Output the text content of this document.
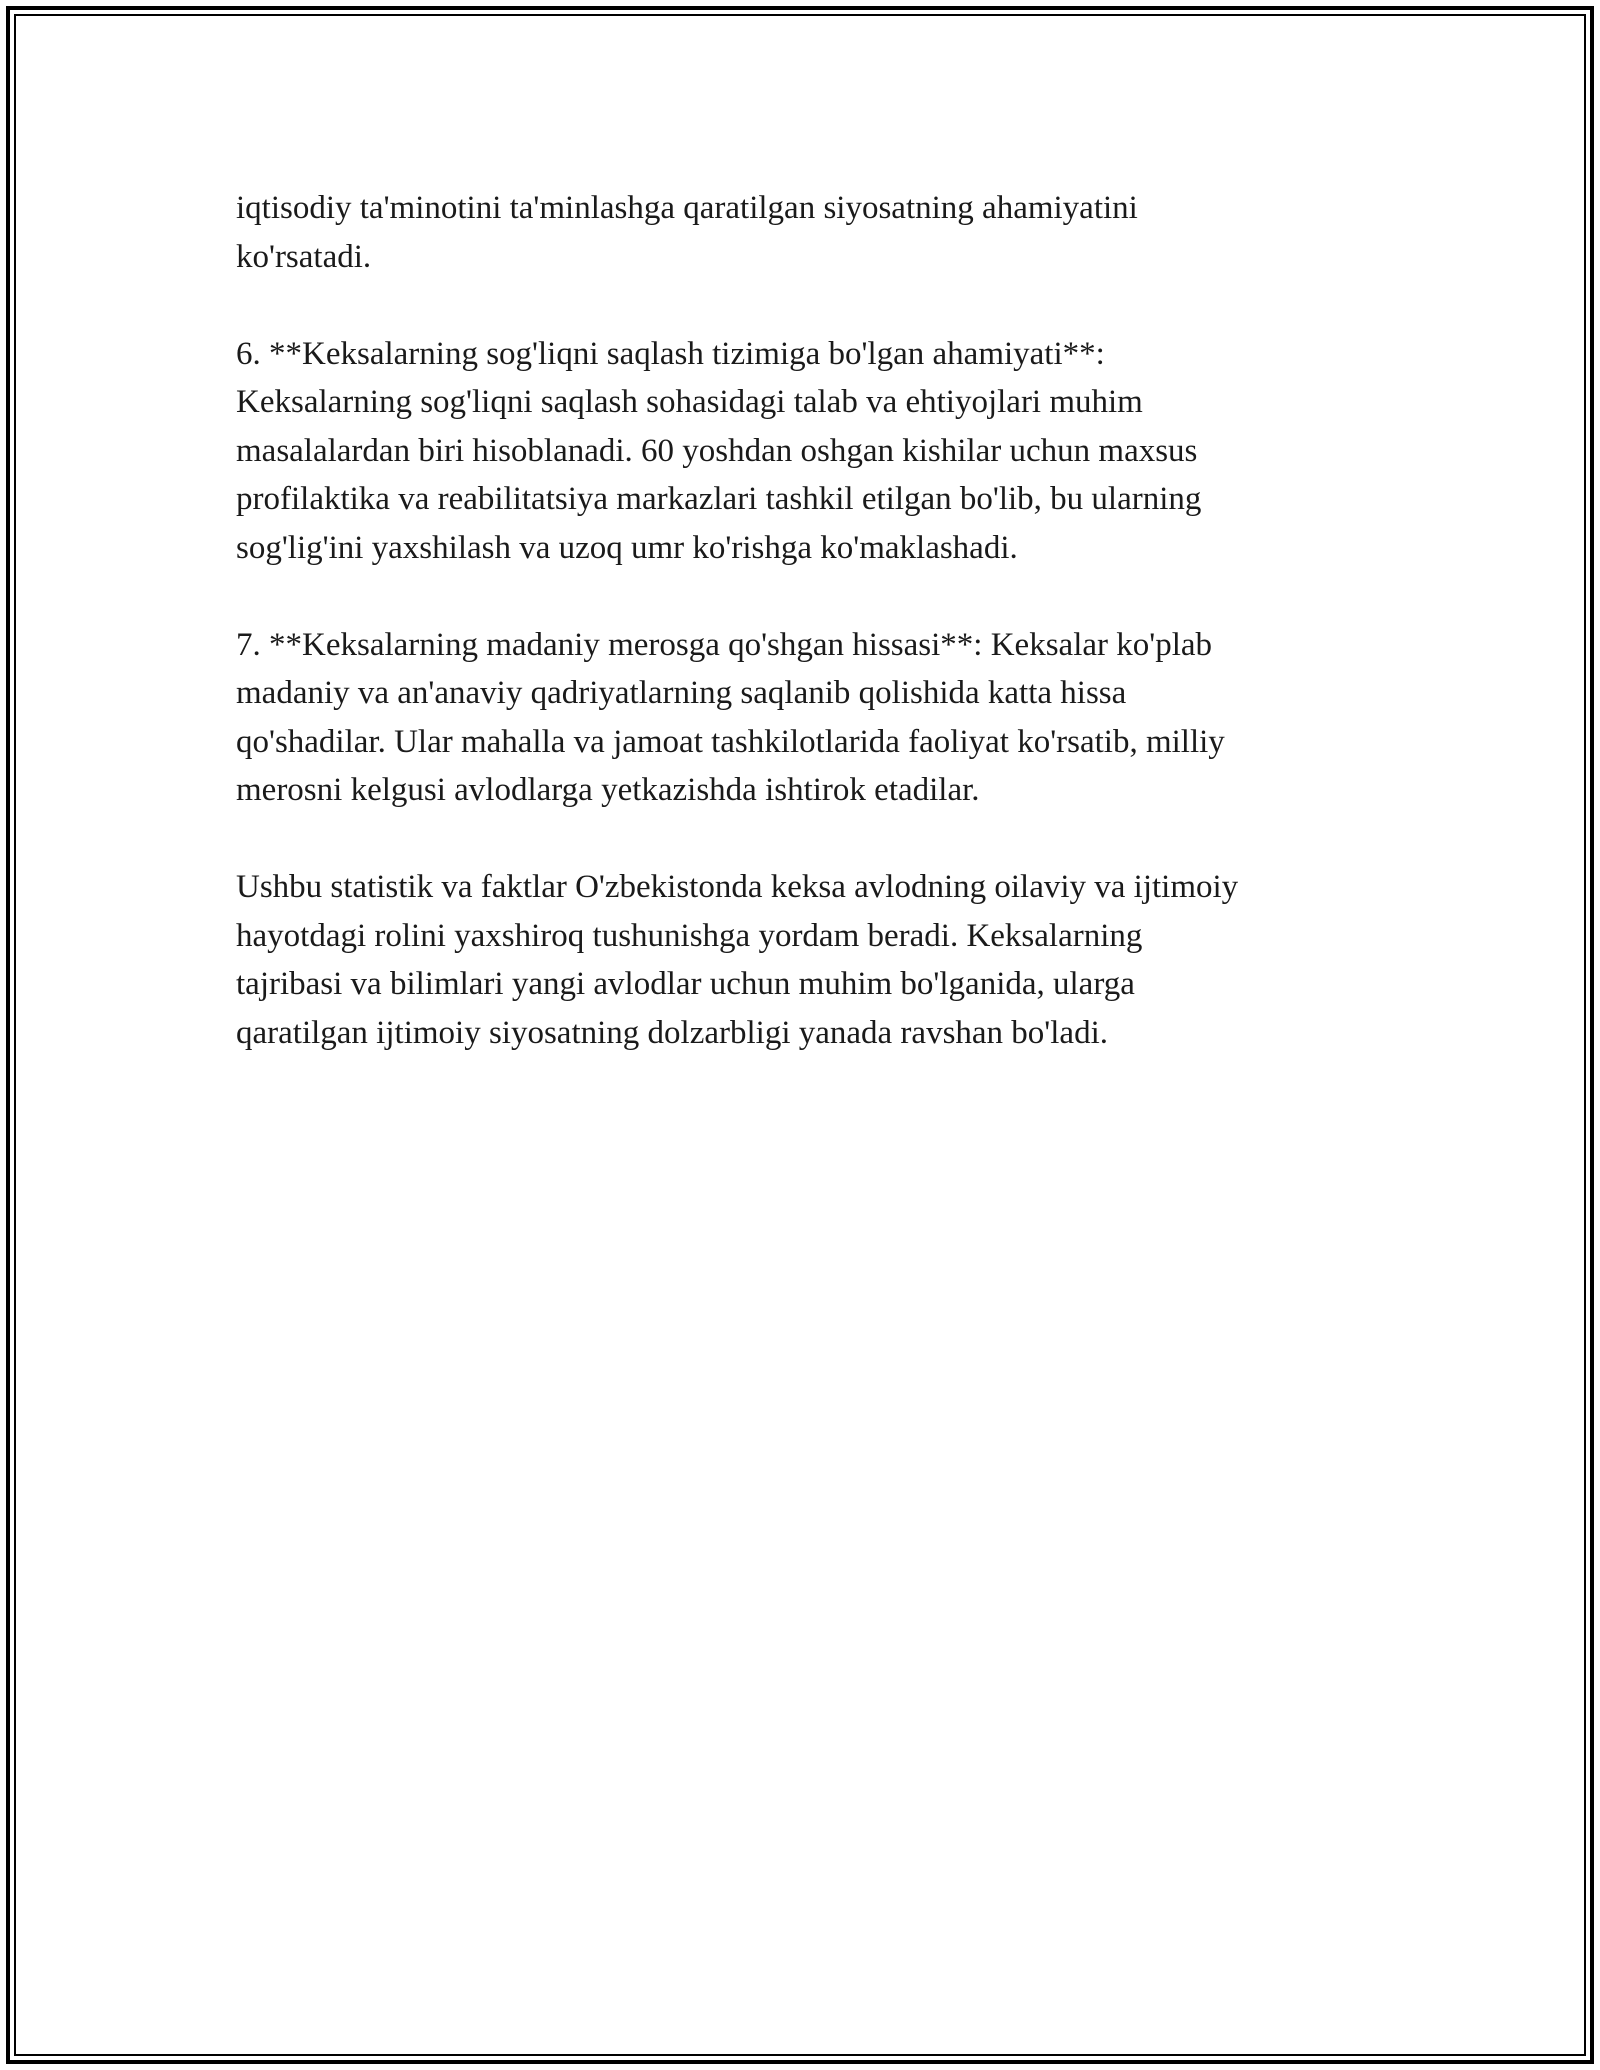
iqtisodiy ta'minotini ta'minlashga qaratilgan siyosatning ahamiyatini
ko'rsatadi.

6. **Keksalarning sog'liqni saqlash tizimiga bo'lgan ahamiyati**:
Keksalarning sog'liqni saqlash sohasidagi talab va ehtiyojlari muhim
masalalardan biri hisoblanadi. 60 yoshdan oshgan kishilar uchun maxsus
profilaktika va reabilitatsiya markazlari tashkil etilgan bo'lib, bu ularning
sog'lig'ini yaxshilash va uzoq umr ko'rishga ko'maklashadi.

7. **Keksalarning madaniy merosga qo'shgan hissasi**: Keksalar ko'plab
madaniy va an'anaviy qadriyatlarning saqlanib qolishida katta hissa
qo'shadilar. Ular mahalla va jamoat tashkilotlarida faoliyat ko'rsatib, milliy
merosni kelgusi avlodlarga yetkazishda ishtirok etadilar.

Ushbu statistik va faktlar O'zbekistonda keksa avlodning oilaviy va ijtimoiy
hayotdagi rolini yaxshiroq tushunishga yordam beradi. Keksalarning
tajribasi va bilimlari yangi avlodlar uchun muhim bo'lganida, ularga
qaratilgan ijtimoiy siyosatning dolzarbligi yanada ravshan bo'ladi.
